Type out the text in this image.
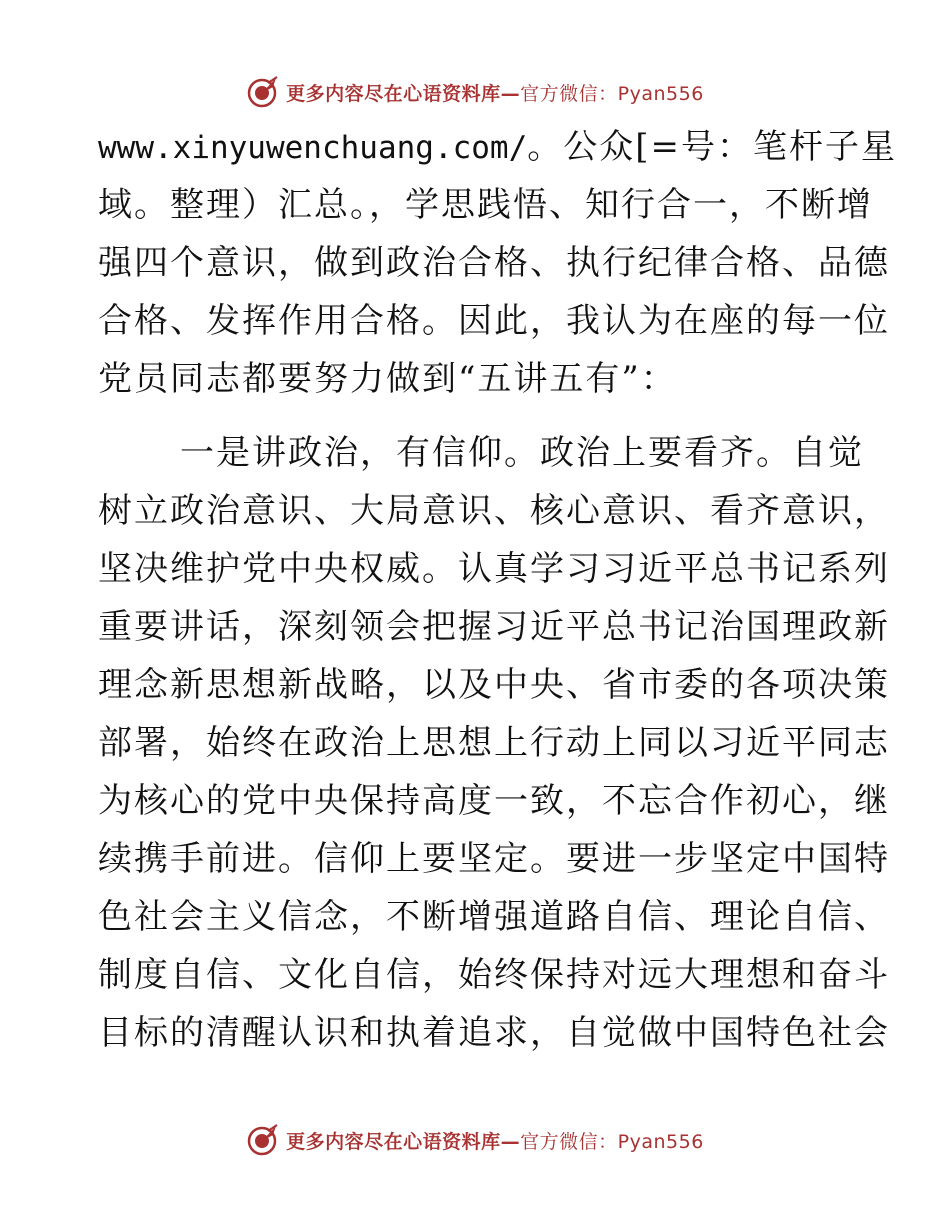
更多内容尽在心语资料库—官方微信：Pyan556
www.xinyuwenchuang.com/。公众[=号：笔杆子星
域。整理）汇总。，学思践悟、知行合一，不断增
强四个意识，做到政治合格、执行纪律合格、品德
合格、发挥作用合格。因此，我认为在座的每一位
党员同志都要努力做到“五讲五有”：
一是讲政治，有信仰。政治上要看齐。自觉
树立政治意识、大局意识、核心意识、看齐意识，
坚决维护党中央权威。认真学习习近平总书记系列
重要讲话，深刻领会把握习近平总书记治国理政新
理念新思想新战略，以及中央、省市委的各项决策
部署，始终在政治上思想上行动上同以习近平同志
为核心的党中央保持高度一致，不忘合作初心，继
续携手前进。信仰上要坚定。要进一步坚定中国特
色社会主义信念，不断增强道路自信、理论自信、
制度自信、文化自信，始终保持对远大理想和奋斗
目标的清醒认识和执着追求，自觉做中国特色社会
更多内容尽在心语资料库—官方微信：Pyan556
